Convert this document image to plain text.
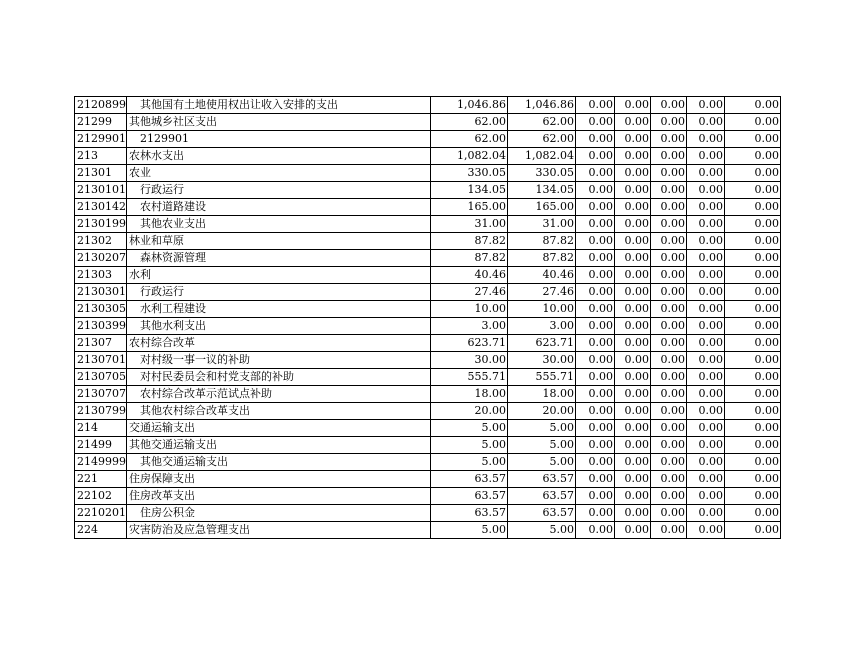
2120899	其他国有土地使用权出让收入安排的支出	1,046.86	1,046.86	0.00	0.00	0.00	0.00	0.00
21299	其他城乡社区支出	62.00	62.00	0.00	0.00	0.00	0.00	0.00
2129901	2129901	62.00	62.00	0.00	0.00	0.00	0.00	0.00
213	农林水支出	1,082.04	1,082.04	0.00	0.00	0.00	0.00	0.00
21301	农业	330.05	330.05	0.00	0.00	0.00	0.00	0.00
2130101	行政运行	134.05	134.05	0.00	0.00	0.00	0.00	0.00
2130142	农村道路建设	165.00	165.00	0.00	0.00	0.00	0.00	0.00
2130199	其他农业支出	31.00	31.00	0.00	0.00	0.00	0.00	0.00
21302	林业和草原	87.82	87.82	0.00	0.00	0.00	0.00	0.00
2130207	森林资源管理	87.82	87.82	0.00	0.00	0.00	0.00	0.00
21303	水利	40.46	40.46	0.00	0.00	0.00	0.00	0.00
2130301	行政运行	27.46	27.46	0.00	0.00	0.00	0.00	0.00
2130305	水利工程建设	10.00	10.00	0.00	0.00	0.00	0.00	0.00
2130399	其他水利支出	3.00	3.00	0.00	0.00	0.00	0.00	0.00
21307	农村综合改革	623.71	623.71	0.00	0.00	0.00	0.00	0.00
2130701	对村级一事一议的补助	30.00	30.00	0.00	0.00	0.00	0.00	0.00
2130705	对村民委员会和村党支部的补助	555.71	555.71	0.00	0.00	0.00	0.00	0.00
2130707	农村综合改革示范试点补助	18.00	18.00	0.00	0.00	0.00	0.00	0.00
2130799	其他农村综合改革支出	20.00	20.00	0.00	0.00	0.00	0.00	0.00
214	交通运输支出	5.00	5.00	0.00	0.00	0.00	0.00	0.00
21499	其他交通运输支出	5.00	5.00	0.00	0.00	0.00	0.00	0.00
2149999	其他交通运输支出	5.00	5.00	0.00	0.00	0.00	0.00	0.00
221	住房保障支出	63.57	63.57	0.00	0.00	0.00	0.00	0.00
22102	住房改革支出	63.57	63.57	0.00	0.00	0.00	0.00	0.00
2210201	住房公积金	63.57	63.57	0.00	0.00	0.00	0.00	0.00
224	灾害防治及应急管理支出	5.00	5.00	0.00	0.00	0.00	0.00	0.00
